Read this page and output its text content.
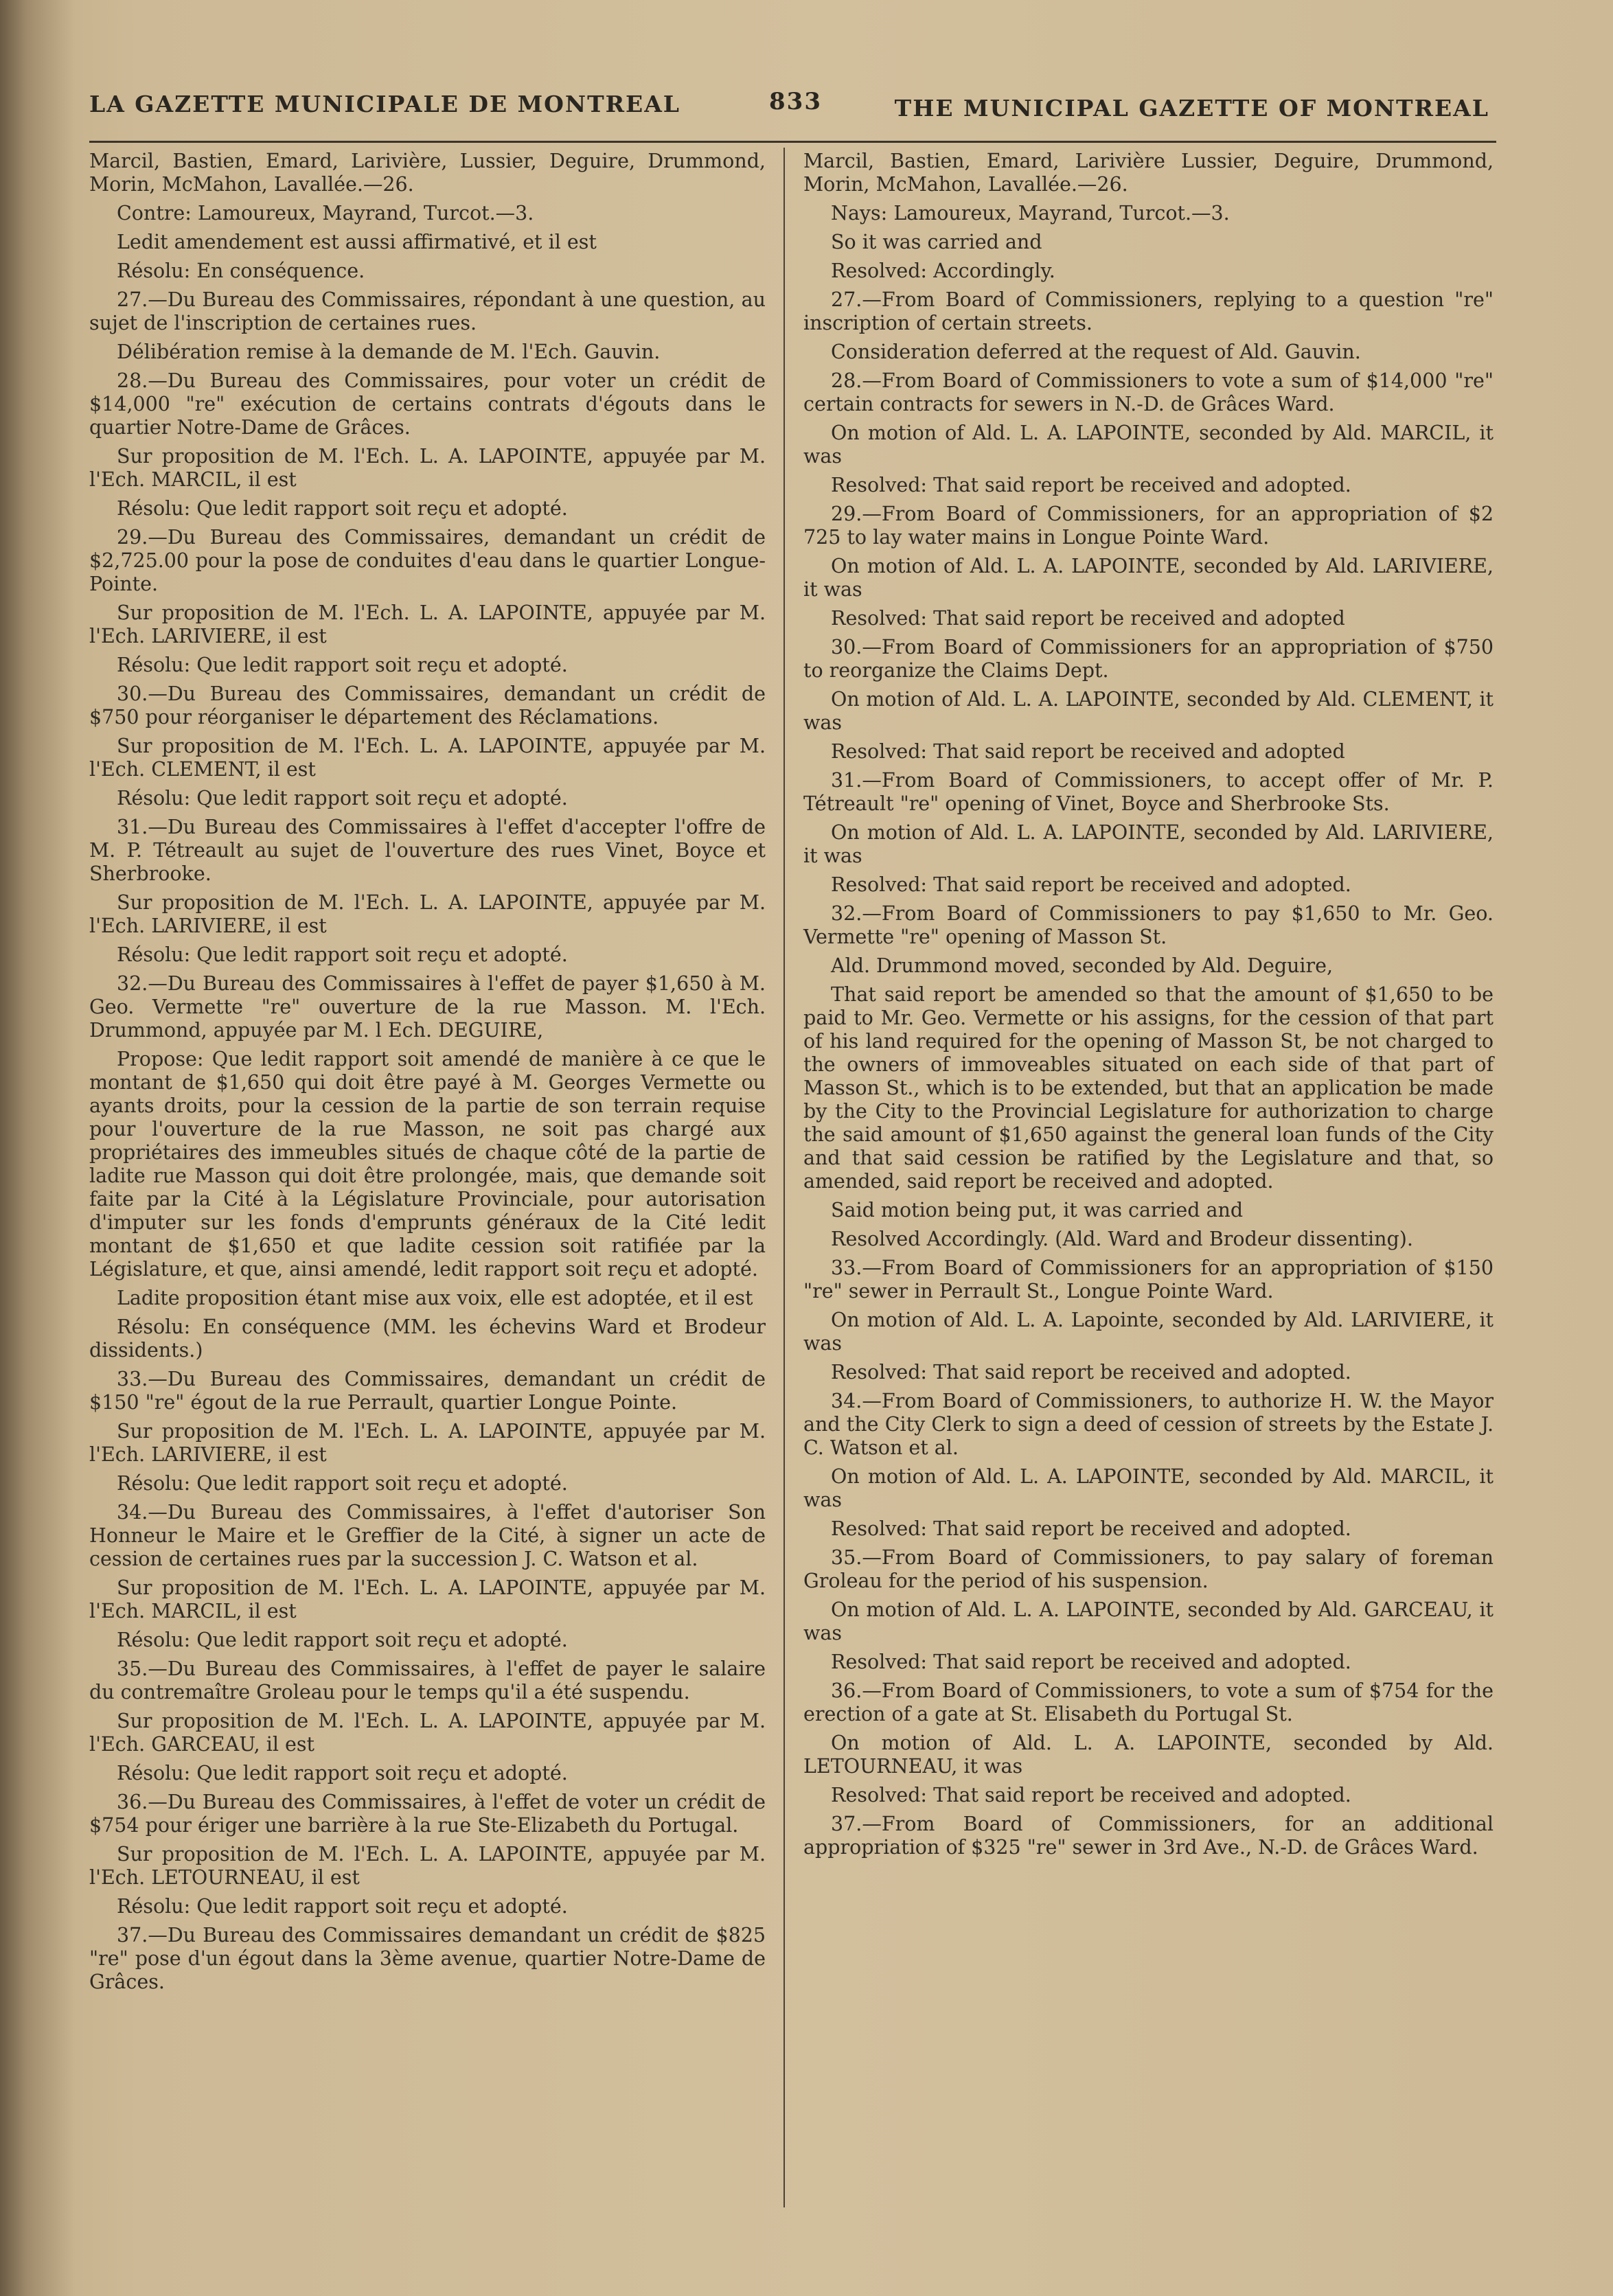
LA GAZETTE MUNICIPALE DE MONTREAL	833	THE MUNICIPAL GAZETTE OF MONTREAL

Marcil, Bastien, Emard, Larivière, Lussier, Deguire, Drummond, Morin, McMahon, Lavallée.—26.

Contre: Lamoureux, Mayrand, Turcot.—3.

Ledit amendement est aussi affirmativé, et il est

Résolu: En conséquence.

27.—Du Bureau des Commissaires, répondant à une question, au sujet de l'inscription de certaines rues.

Délibération remise à la demande de M. l'Ech. Gauvin.

28.—Du Bureau des Commissaires, pour voter un crédit de $14,000 "re" exécution de certains contrats d'égouts dans le quartier Notre-Dame de Grâces.

Sur proposition de M. l'Ech. L. A. LAPOINTE, appuyée par M. l'Ech. MARCIL, il est

Résolu: Que ledit rapport soit reçu et adopté.

29.—Du Bureau des Commissaires, demandant un crédit de $2,725.00 pour la pose de conduites d'eau dans le quartier Longue-Pointe.

Sur proposition de M. l'Ech. L. A. LAPOINTE, appuyée par M. l'Ech. LARIVIERE, il est

Résolu: Que ledit rapport soit reçu et adopté.

30.—Du Bureau des Commissaires, demandant un crédit de $750 pour réorganiser le département des Réclamations.

Sur proposition de M. l'Ech. L. A. LAPOINTE, appuyée par M. l'Ech. CLEMENT, il est

Résolu: Que ledit rapport soit reçu et adopté.

31.—Du Bureau des Commissaires à l'effet d'accepter l'offre de M. P. Tétreault au sujet de l'ouverture des rues Vinet, Boyce et Sherbrooke.

Sur proposition de M. l'Ech. L. A. LAPOINTE, appuyée par M. l'Ech. LARIVIERE, il est

Résolu: Que ledit rapport soit reçu et adopté.

32.—Du Bureau des Commissaires à l'effet de payer $1,650 à M. Geo. Vermette "re" ouverture de la rue Masson. M. l'Ech. Drummond, appuyée par M. l Ech. DEGUIRE,

Propose: Que ledit rapport soit amendé de manière à ce que le montant de $1,650 qui doit être payé à M. Georges Vermette ou ayants droits, pour la cession de la partie de son terrain requise pour l'ouverture de la rue Masson, ne soit pas chargé aux propriétaires des immeubles situés de chaque côté de la partie de ladite rue Masson qui doit être prolongée, mais, que demande soit faite par la Cité à la Législature Provinciale, pour autorisation d'imputer sur les fonds d'emprunts généraux de la Cité ledit montant de $1,650 et que ladite cession soit ratifiée par la Législature, et que, ainsi amendé, ledit rapport soit reçu et adopté.

Ladite proposition étant mise aux voix, elle est adoptée, et il est

Résolu: En conséquence (MM. les échevins Ward et Brodeur dissidents.)

33.—Du Bureau des Commissaires, demandant un crédit de $150 "re" égout de la rue Perrault, quartier Longue Pointe.

Sur proposition de M. l'Ech. L. A. LAPOINTE, appuyée par M. l'Ech. LARIVIERE, il est

Résolu: Que ledit rapport soit reçu et adopté.

34.—Du Bureau des Commissaires, à l'effet d'autoriser Son Honneur le Maire et le Greffier de la Cité, à signer un acte de cession de certaines rues par la succession J. C. Watson et al.

Sur proposition de M. l'Ech. L. A. LAPOINTE, appuyée par M. l'Ech. MARCIL, il est

Résolu: Que ledit rapport soit reçu et adopté.

35.—Du Bureau des Commissaires, à l'effet de payer le salaire du contremaître Groleau pour le temps qu'il a été suspendu.

Sur proposition de M. l'Ech. L. A. LAPOINTE, appuyée par M. l'Ech. GARCEAU, il est

Résolu: Que ledit rapport soit reçu et adopté.

36.—Du Bureau des Commissaires, à l'effet de voter un crédit de $754 pour ériger une barrière à la rue Ste-Elizabeth du Portugal.

Sur proposition de M. l'Ech. L. A. LAPOINTE, appuyée par M. l'Ech. LETOURNEAU, il est

Résolu: Que ledit rapport soit reçu et adopté.

37.—Du Bureau des Commissaires demandant un crédit de $825 "re" pose d'un égout dans la 3ème avenue, quartier Notre-Dame de Grâces.

Marcil, Bastien, Emard, Larivière Lussier, Deguire, Drummond, Morin, McMahon, Lavallée.—26.

Nays: Lamoureux, Mayrand, Turcot.—3.

So it was carried and

Resolved: Accordingly.

27.—From Board of Commissioners, replying to a question "re" inscription of certain streets.

Consideration deferred at the request of Ald. Gauvin.

28.—From Board of Commissioners to vote a sum of $14,000 "re" certain contracts for sewers in N.-D. de Grâces Ward.

On motion of Ald. L. A. LAPOINTE, seconded by Ald. MARCIL, it was

Resolved: That said report be received and adopted.

29.—From Board of Commissioners, for an appropriation of $2 725 to lay water mains in Longue Pointe Ward.

On motion of Ald. L. A. LAPOINTE, seconded by Ald. LARIVIERE, it was

Resolved: That said report be received and adopted

30.—From Board of Commissioners for an appropriation of $750 to reorganize the Claims Dept.

On motion of Ald. L. A. LAPOINTE, seconded by Ald. CLEMENT, it was

Resolved: That said report be received and adopted

31.—From Board of Commissioners, to accept offer of Mr. P. Tétreault "re" opening of Vinet, Boyce and Sherbrooke Sts.

On motion of Ald. L. A. LAPOINTE, seconded by Ald. LARIVIERE, it was

Resolved: That said report be received and adopted.

32.—From Board of Commissioners to pay $1,650 to Mr. Geo. Vermette "re" opening of Masson St.

Ald. Drummond moved, seconded by Ald. Deguire,

That said report be amended so that the amount of $1,650 to be paid to Mr. Geo. Vermette or his assigns, for the cession of that part of his land required for the opening of Masson St, be not charged to the owners of immoveables situated on each side of that part of Masson St., which is to be extended, but that an application be made by the City to the Provincial Legislature for authorization to charge the said amount of $1,650 against the general loan funds of the City and that said cession be ratified by the Legislature and that, so amended, said report be received and adopted.

Said motion being put, it was carried and

Resolved Accordingly. (Ald. Ward and Brodeur dissenting).

33.—From Board of Commissioners for an appropriation of $150 "re" sewer in Perrault St., Longue Pointe Ward.

On motion of Ald. L. A. Lapointe, seconded by Ald. LARIVIERE, it was

Resolved: That said report be received and adopted.

34.—From Board of Commissioners, to authorize H. W. the Mayor and the City Clerk to sign a deed of cession of streets by the Estate J. C. Watson et al.

On motion of Ald. L. A. LAPOINTE, seconded by Ald. MARCIL, it was

Resolved: That said report be received and adopted.

35.—From Board of Commissioners, to pay salary of foreman Groleau for the period of his suspension.

On motion of Ald. L. A. LAPOINTE, seconded by Ald. GARCEAU, it was

Resolved: That said report be received and adopted.

36.—From Board of Commissioners, to vote a sum of $754 for the erection of a gate at St. Elisabeth du Portugal St.

On motion of Ald. L. A. LAPOINTE, seconded by Ald. LETOURNEAU, it was

Resolved: That said report be received and adopted.

37.—From Board of Commissioners, for an additional appropriation of $325 "re" sewer in 3rd Ave., N.-D. de Grâces Ward.
